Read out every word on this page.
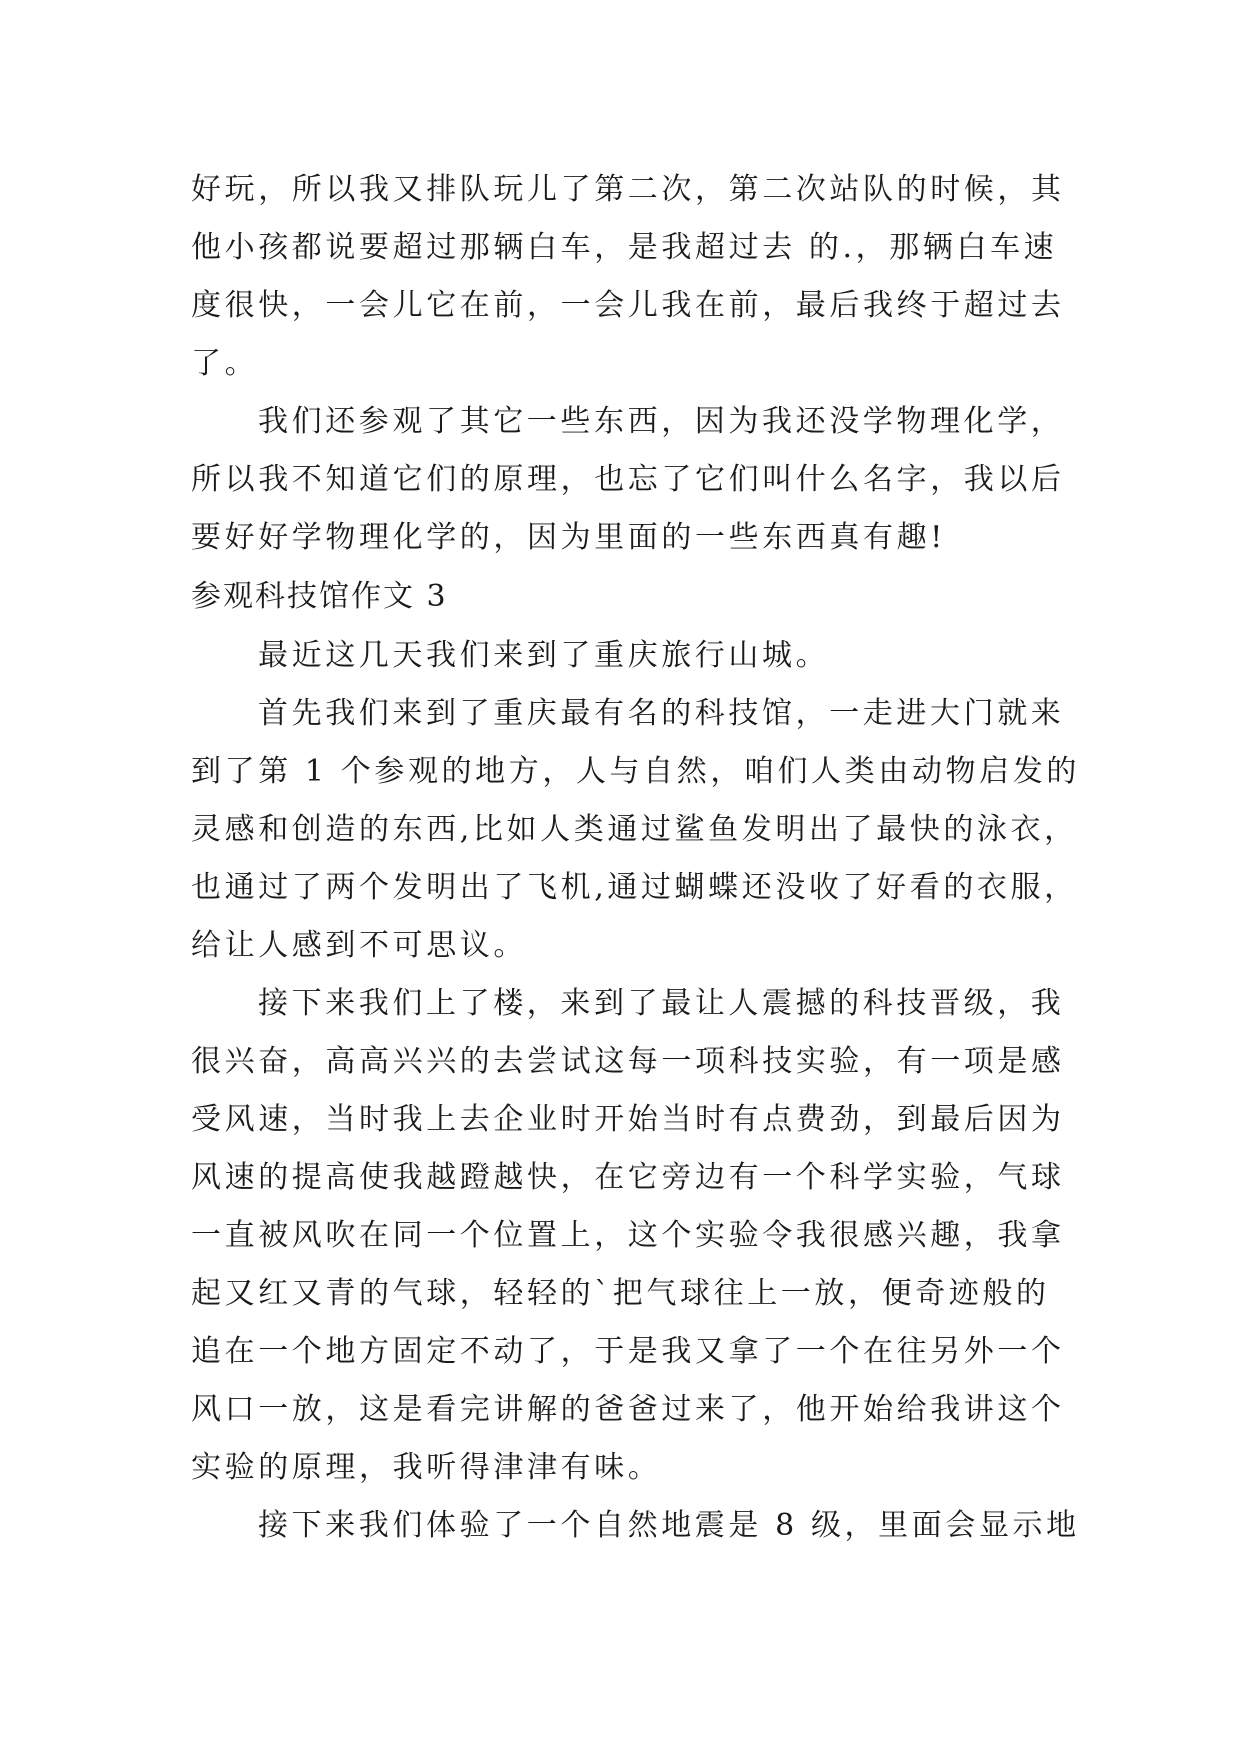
好玩，所以我又排队玩儿了第二次，第二次站队的时候，其
他小孩都说要超过那辆白车，是我超过去 的.，那辆白车速
度很快，一会儿它在前，一会儿我在前，最后我终于超过去
了。
我们还参观了其它一些东西，因为我还没学物理化学，
所以我不知道它们的原理，也忘了它们叫什么名字，我以后
要好好学物理化学的，因为里面的一些东西真有趣!
参观科技馆作文 3
最近这几天我们来到了重庆旅行山城。
首先我们来到了重庆最有名的科技馆，一走进大门就来
到了第 1 个参观的地方，人与自然，咱们人类由动物启发的
灵感和创造的东西,比如人类通过鲨鱼发明出了最快的泳衣，
也通过了两个发明出了飞机,通过蝴蝶还没收了好看的衣服，
给让人感到不可思议。
接下来我们上了楼，来到了最让人震撼的科技晋级，我
很兴奋，高高兴兴的去尝试这每一项科技实验，有一项是感
受风速，当时我上去企业时开始当时有点费劲，到最后因为
风速的提高使我越蹬越快，在它旁边有一个科学实验，气球
一直被风吹在同一个位置上，这个实验令我很感兴趣，我拿
起又红又青的气球，轻轻的`把气球往上一放，便奇迹般的
追在一个地方固定不动了，于是我又拿了一个在往另外一个
风口一放，这是看完讲解的爸爸过来了，他开始给我讲这个
实验的原理，我听得津津有味。
接下来我们体验了一个自然地震是 8 级，里面会显示地
